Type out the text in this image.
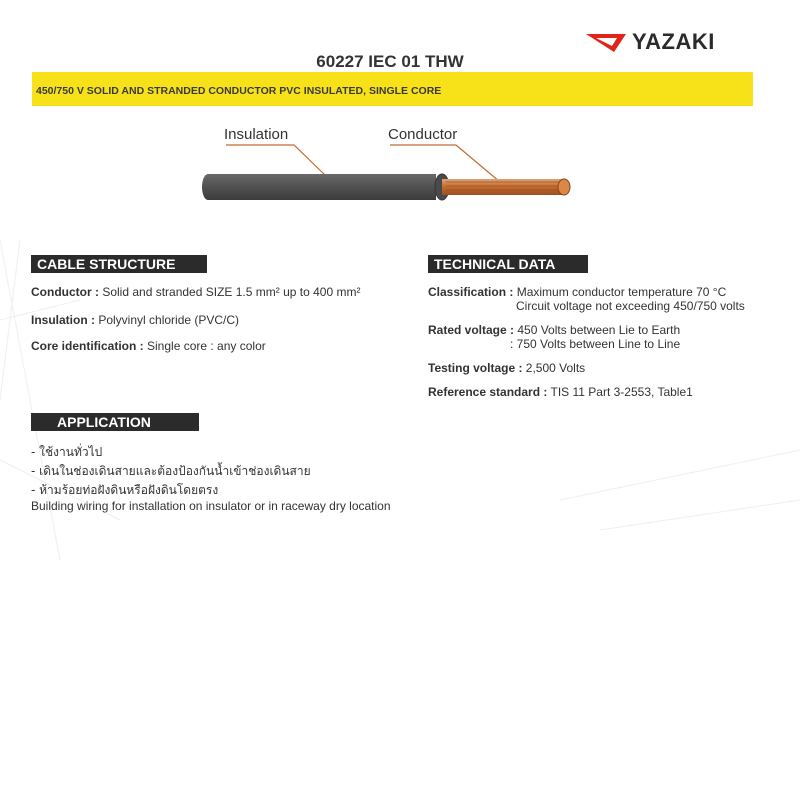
YAZAKI
60227 IEC 01 THW
450/750 V SOLID AND STRANDED CONDUCTOR PVC INSULATED, SINGLE CORE
Insulation	Conductor
CABLE STRUCTURE
Conductor : Solid and stranded SIZE 1.5 mm² up to 400 mm²
Insulation : Polyvinyl chloride (PVC/C)
Core identification : Single core : any color
TECHNICAL DATA
Classification : Maximum conductor temperature 70 °C
Circuit voltage not exceeding 450/750 volts
Rated voltage : 450 Volts between Lie to Earth
: 750 Volts between Line to Line
Testing voltage : 2,500 Volts
Reference standard : TIS 11 Part 3-2553, Table1
APPLICATION
- ใช้งานทั่วไป
- เดินในช่องเดินสายและต้องป้องกันน้ำเข้าช่องเดินสาย
- ห้ามร้อยท่อฝังดินหรือฝังดินโดยตรง
Building wiring for installation on insulator or in raceway dry location
